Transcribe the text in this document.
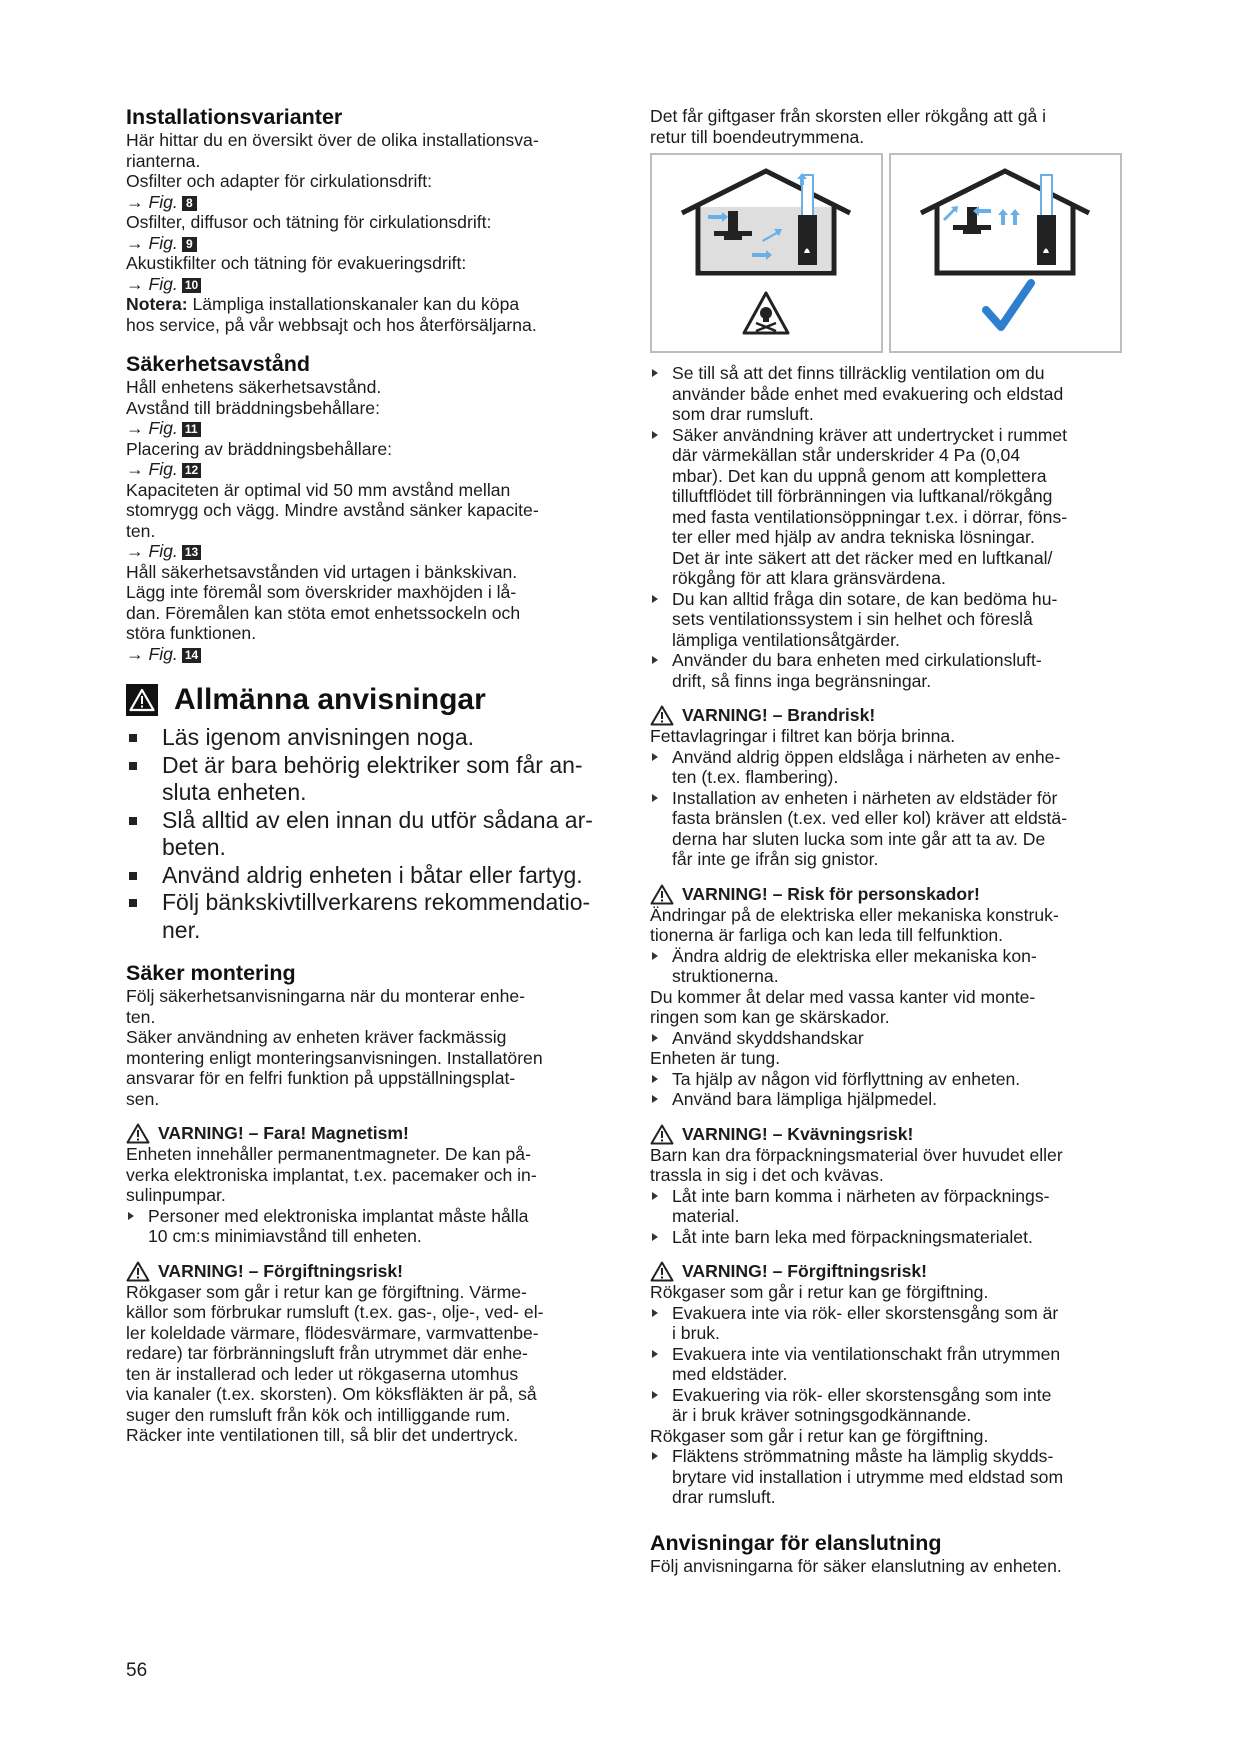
Installationsvarianter

Här hittar du en översikt över de olika installationsva-

rianterna.

Osfilter och adapter för cirkulationsdrift:

→ Fig. 8

Osfilter, diffusor och tätning för cirkulationsdrift:

→ Fig. 9

Akustikfilter och tätning för evakueringsdrift:

→ Fig. 10

Notera: Lämpliga installationskanaler kan du köpa

hos service, på vår webbsajt och hos återförsäljarna.

Säkerhetsavstånd

Håll enhetens säkerhetsavstånd.

Avstånd till bräddningsbehållare:

→ Fig. 11

Placering av bräddningsbehållare:

→ Fig. 12

Kapaciteten är optimal vid 50 mm avstånd mellan

stomrygg och vägg. Mindre avstånd sänker kapacite-

ten.

→ Fig. 13

Håll säkerhetsavstånden vid urtagen i bänkskivan.

Lägg inte föremål som överskrider maxhöjden i lå-

dan. Föremålen kan stöta emot enhetssockeln och

störa funktionen.

→ Fig. 14

Allmänna anvisningar
Läs igenom anvisningen noga.
Det är bara behörig elektriker som får an-
sluta enheten.
Slå alltid av elen innan du utför sådana ar-
beten.
Använd aldrig enheten i båtar eller fartyg.
Följ bänkskivtillverkarens rekommendatio-
ner.
Säker montering

Följ säkerhetsanvisningarna när du monterar enhe-

ten.

Säker användning av enheten kräver fackmässig

montering enligt monteringsanvisningen. Installatören

ansvarar för en felfri funktion på uppställningsplat-

sen.

VARNING! – Fara! Magnetism!

Enheten innehåller permanentmagneter. De kan på-

verka elektroniska implantat, t.ex. pacemaker och in-

sulinpumpar.

Personer med elektroniska implantat måste hålla
10 cm:s minimiavstånd till enheten.
VARNING! – Förgiftningsrisk!

Rökgaser som går i retur kan ge förgiftning. Värme-

källor som förbrukar rumsluft (t.ex. gas-, olje-, ved- el-

ler koleldade värmare, flödesvärmare, varmvattenbe-

redare) tar förbränningsluft från utrymmet där enhe-

ten är installerad och leder ut rökgaserna utomhus

via kanaler (t.ex. skorsten). Om köksfläkten är på, så

suger den rumsluft från kök och intilliggande rum.

Räcker inte ventilationen till, så blir det undertryck.

Det får giftgaser från skorsten eller rökgång att gå i

retur till boendeutrymmena.

Se till så att det finns tillräcklig ventilation om du
använder både enhet med evakuering och eldstad
som drar rumsluft.
Säker användning kräver att undertrycket i rummet
där värmekällan står underskrider 4 Pa (0,04
mbar). Det kan du uppnå genom att komplettera
tilluftflödet till förbränningen via luftkanal/rökgång
med fasta ventilationsöppningar t.ex. i dörrar, föns-
ter eller med hjälp av andra tekniska lösningar.
Det är inte säkert att det räcker med en luftkanal/
rökgång för att klara gränsvärdena.
Du kan alltid fråga din sotare, de kan bedöma hu-
sets ventilationssystem i sin helhet och föreslå
lämpliga ventilationsåtgärder.
Använder du bara enheten med cirkulationsluft-
drift, så finns inga begränsningar.
VARNING! – Brandrisk!

Fettavlagringar i filtret kan börja brinna.

Använd aldrig öppen eldslåga i närheten av enhe-
ten (t.ex. flambering).
Installation av enheten i närheten av eldstäder för
fasta bränslen (t.ex. ved eller kol) kräver att eldstä-
derna har sluten lucka som inte går att ta av. De
får inte ge ifrån sig gnistor.
VARNING! – Risk för personskador!

Ändringar på de elektriska eller mekaniska konstruk-

tionerna är farliga och kan leda till felfunktion.

Ändra aldrig de elektriska eller mekaniska kon-
struktionerna.

Du kommer åt delar med vassa kanter vid monte-

ringen som kan ge skärskador.

Använd skyddshandskar

Enheten är tung.

Ta hjälp av någon vid förflyttning av enheten.
Använd bara lämpliga hjälpmedel.
VARNING! – Kvävningsrisk!

Barn kan dra förpackningsmaterial över huvudet eller

trassla in sig i det och kvävas.

Låt inte barn komma i närheten av förpacknings-
material.
Låt inte barn leka med förpackningsmaterialet.
VARNING! – Förgiftningsrisk!

Rökgaser som går i retur kan ge förgiftning.

Evakuera inte via rök- eller skorstensgång som är
i bruk.
Evakuera inte via ventilationschakt från utrymmen
med eldstäder.
Evakuering via rök- eller skorstensgång som inte
är i bruk kräver sotningsgodkännande.

Rökgaser som går i retur kan ge förgiftning.

Fläktens strömmatning måste ha lämplig skydds-
brytare vid installation i utrymme med eldstad som
drar rumsluft.
Anvisningar för elanslutning

Följ anvisningarna för säker elanslutning av enheten.

56
